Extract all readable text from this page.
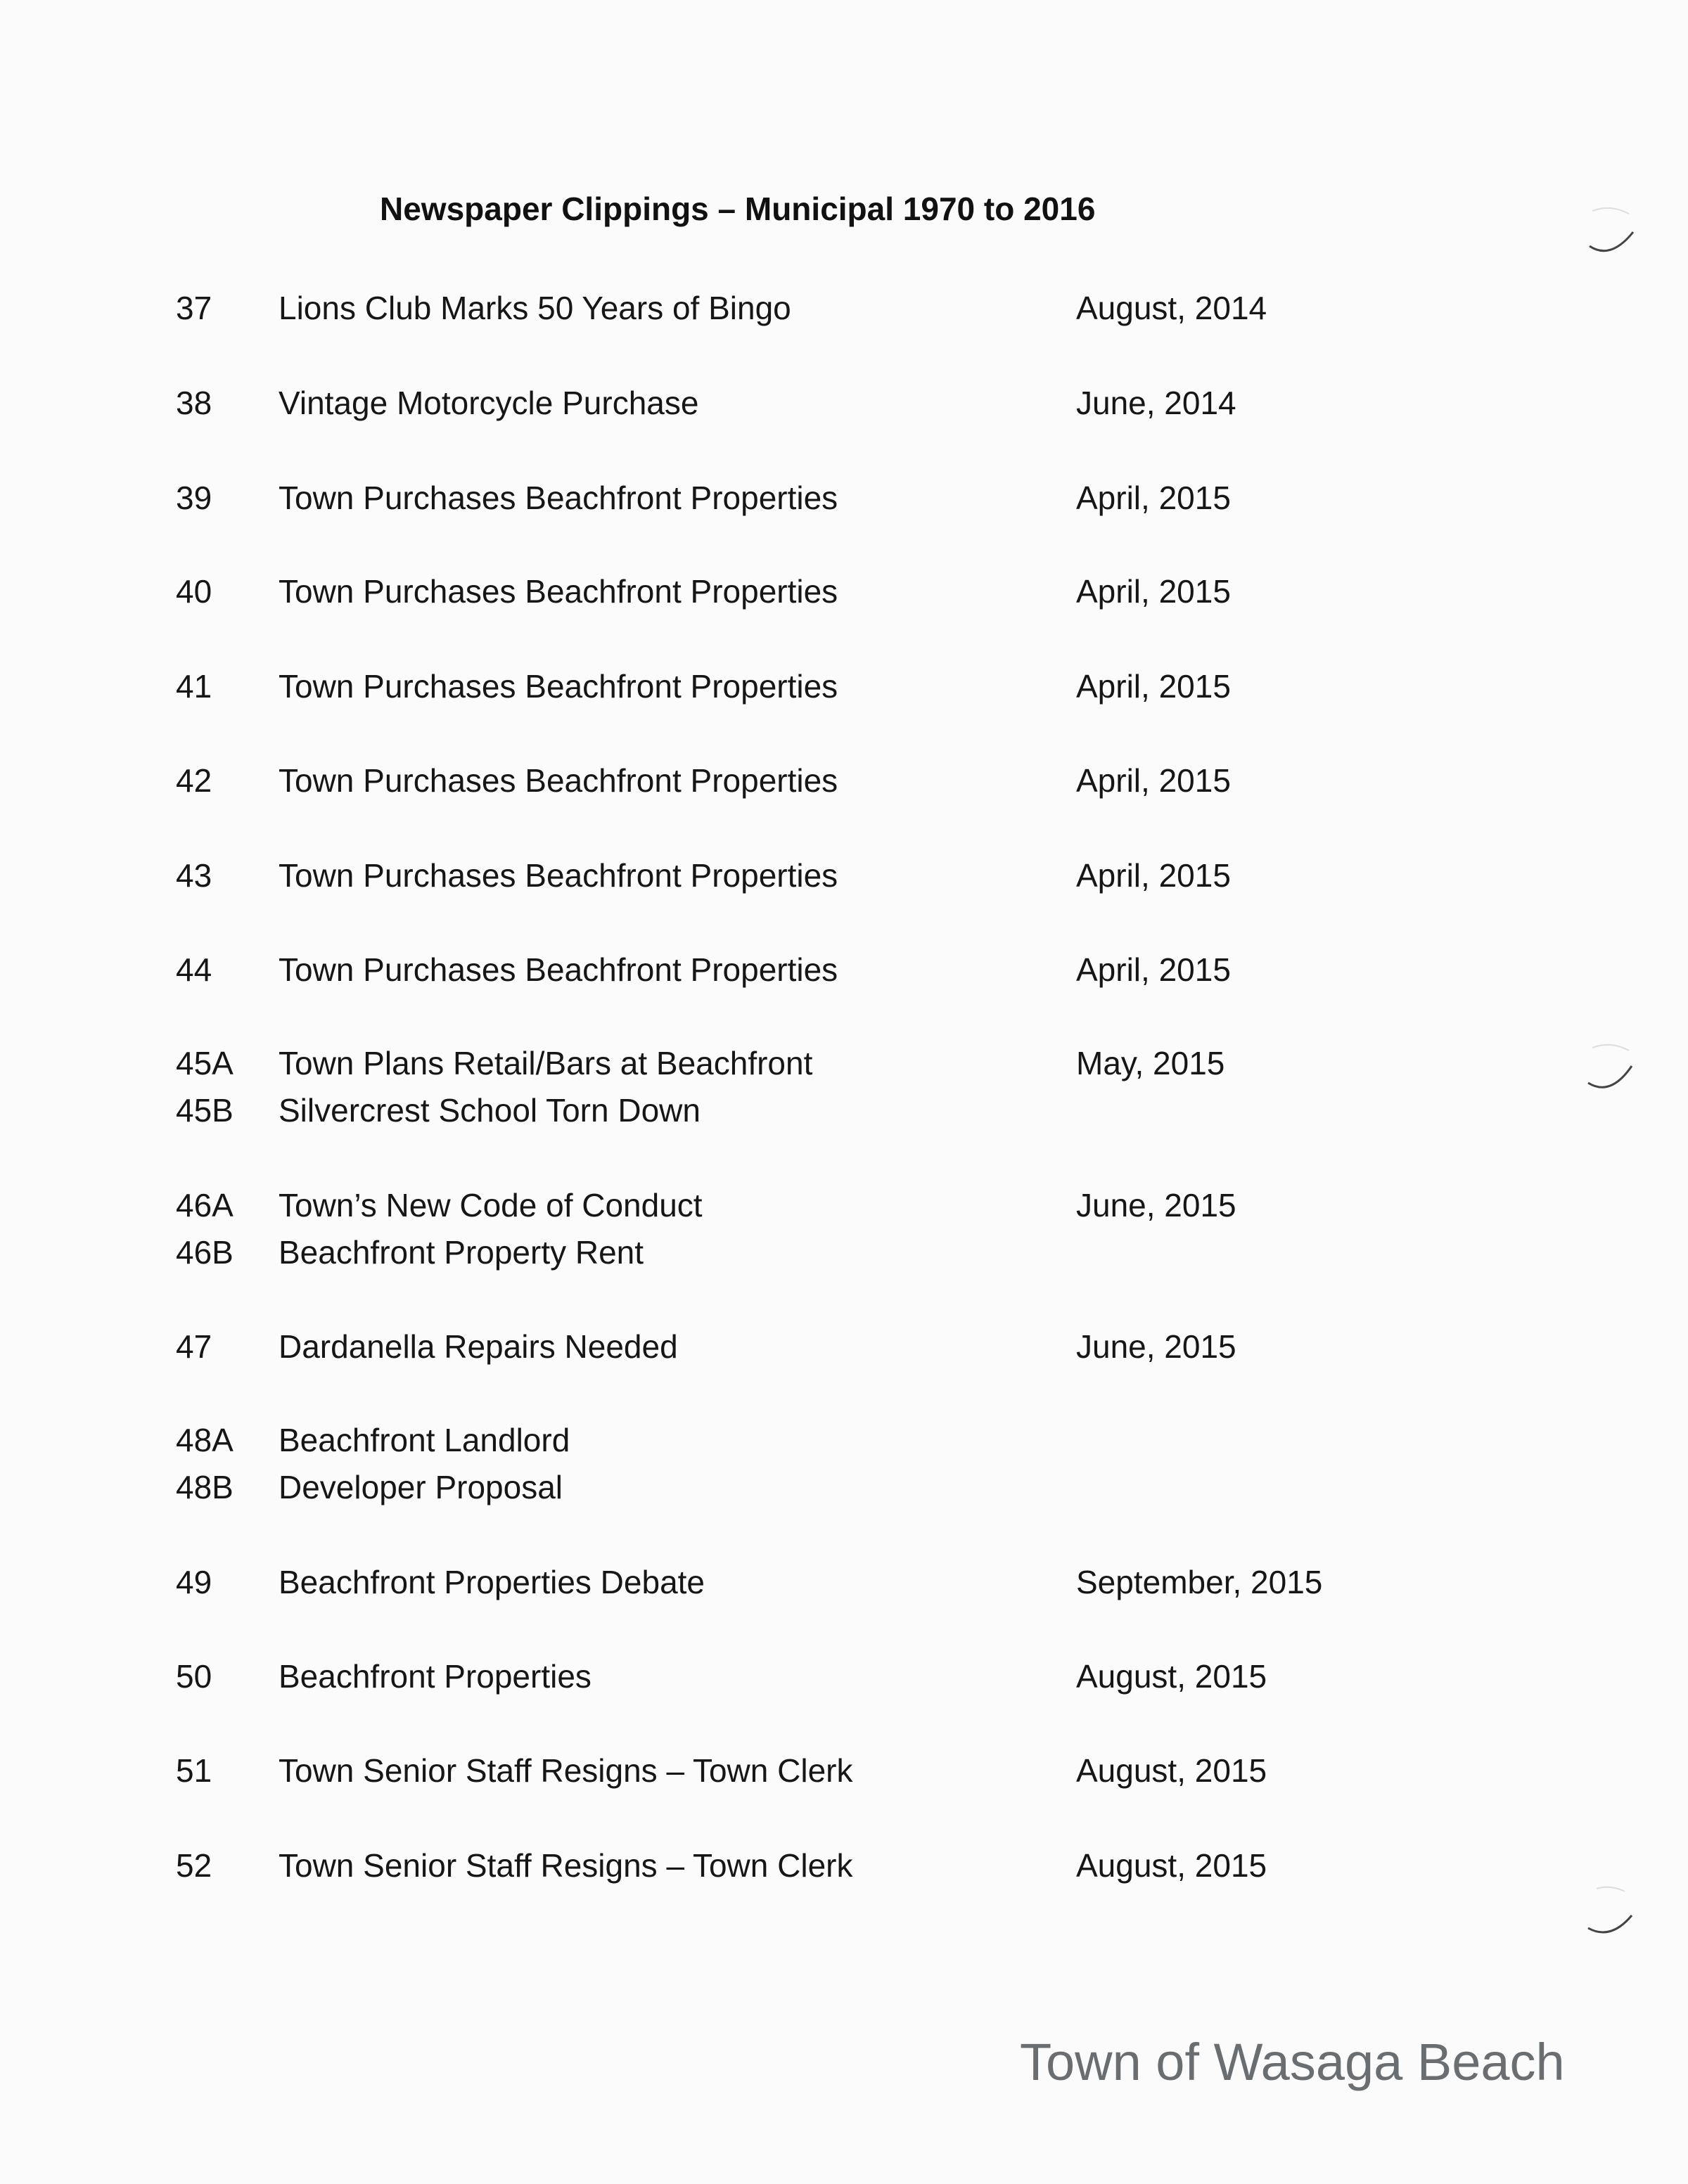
Newspaper Clippings – Municipal 1970 to 2016
37 Lions Club Marks 50 Years of Bingo	August, 2014
38 Vintage Motorcycle Purchase	June, 2014
39 Town Purchases Beachfront Properties	April, 2015
40 Town Purchases Beachfront Properties	April, 2015
41 Town Purchases Beachfront Properties	April, 2015
42 Town Purchases Beachfront Properties	April, 2015
43 Town Purchases Beachfront Properties	April, 2015
44 Town Purchases Beachfront Properties	April, 2015
45A Town Plans Retail/Bars at Beachfront	May, 2015
45B Silvercrest School Torn Down
46A Town’s New Code of Conduct	June, 2015
46B Beachfront Property Rent
47 Dardanella Repairs Needed	June, 2015
48A Beachfront Landlord
48B Developer Proposal
49 Beachfront Properties Debate	September, 2015
50 Beachfront Properties	August, 2015
51 Town Senior Staff Resigns – Town Clerk	August, 2015
52 Town Senior Staff Resigns – Town Clerk	August, 2015
Town of Wasaga Beach
